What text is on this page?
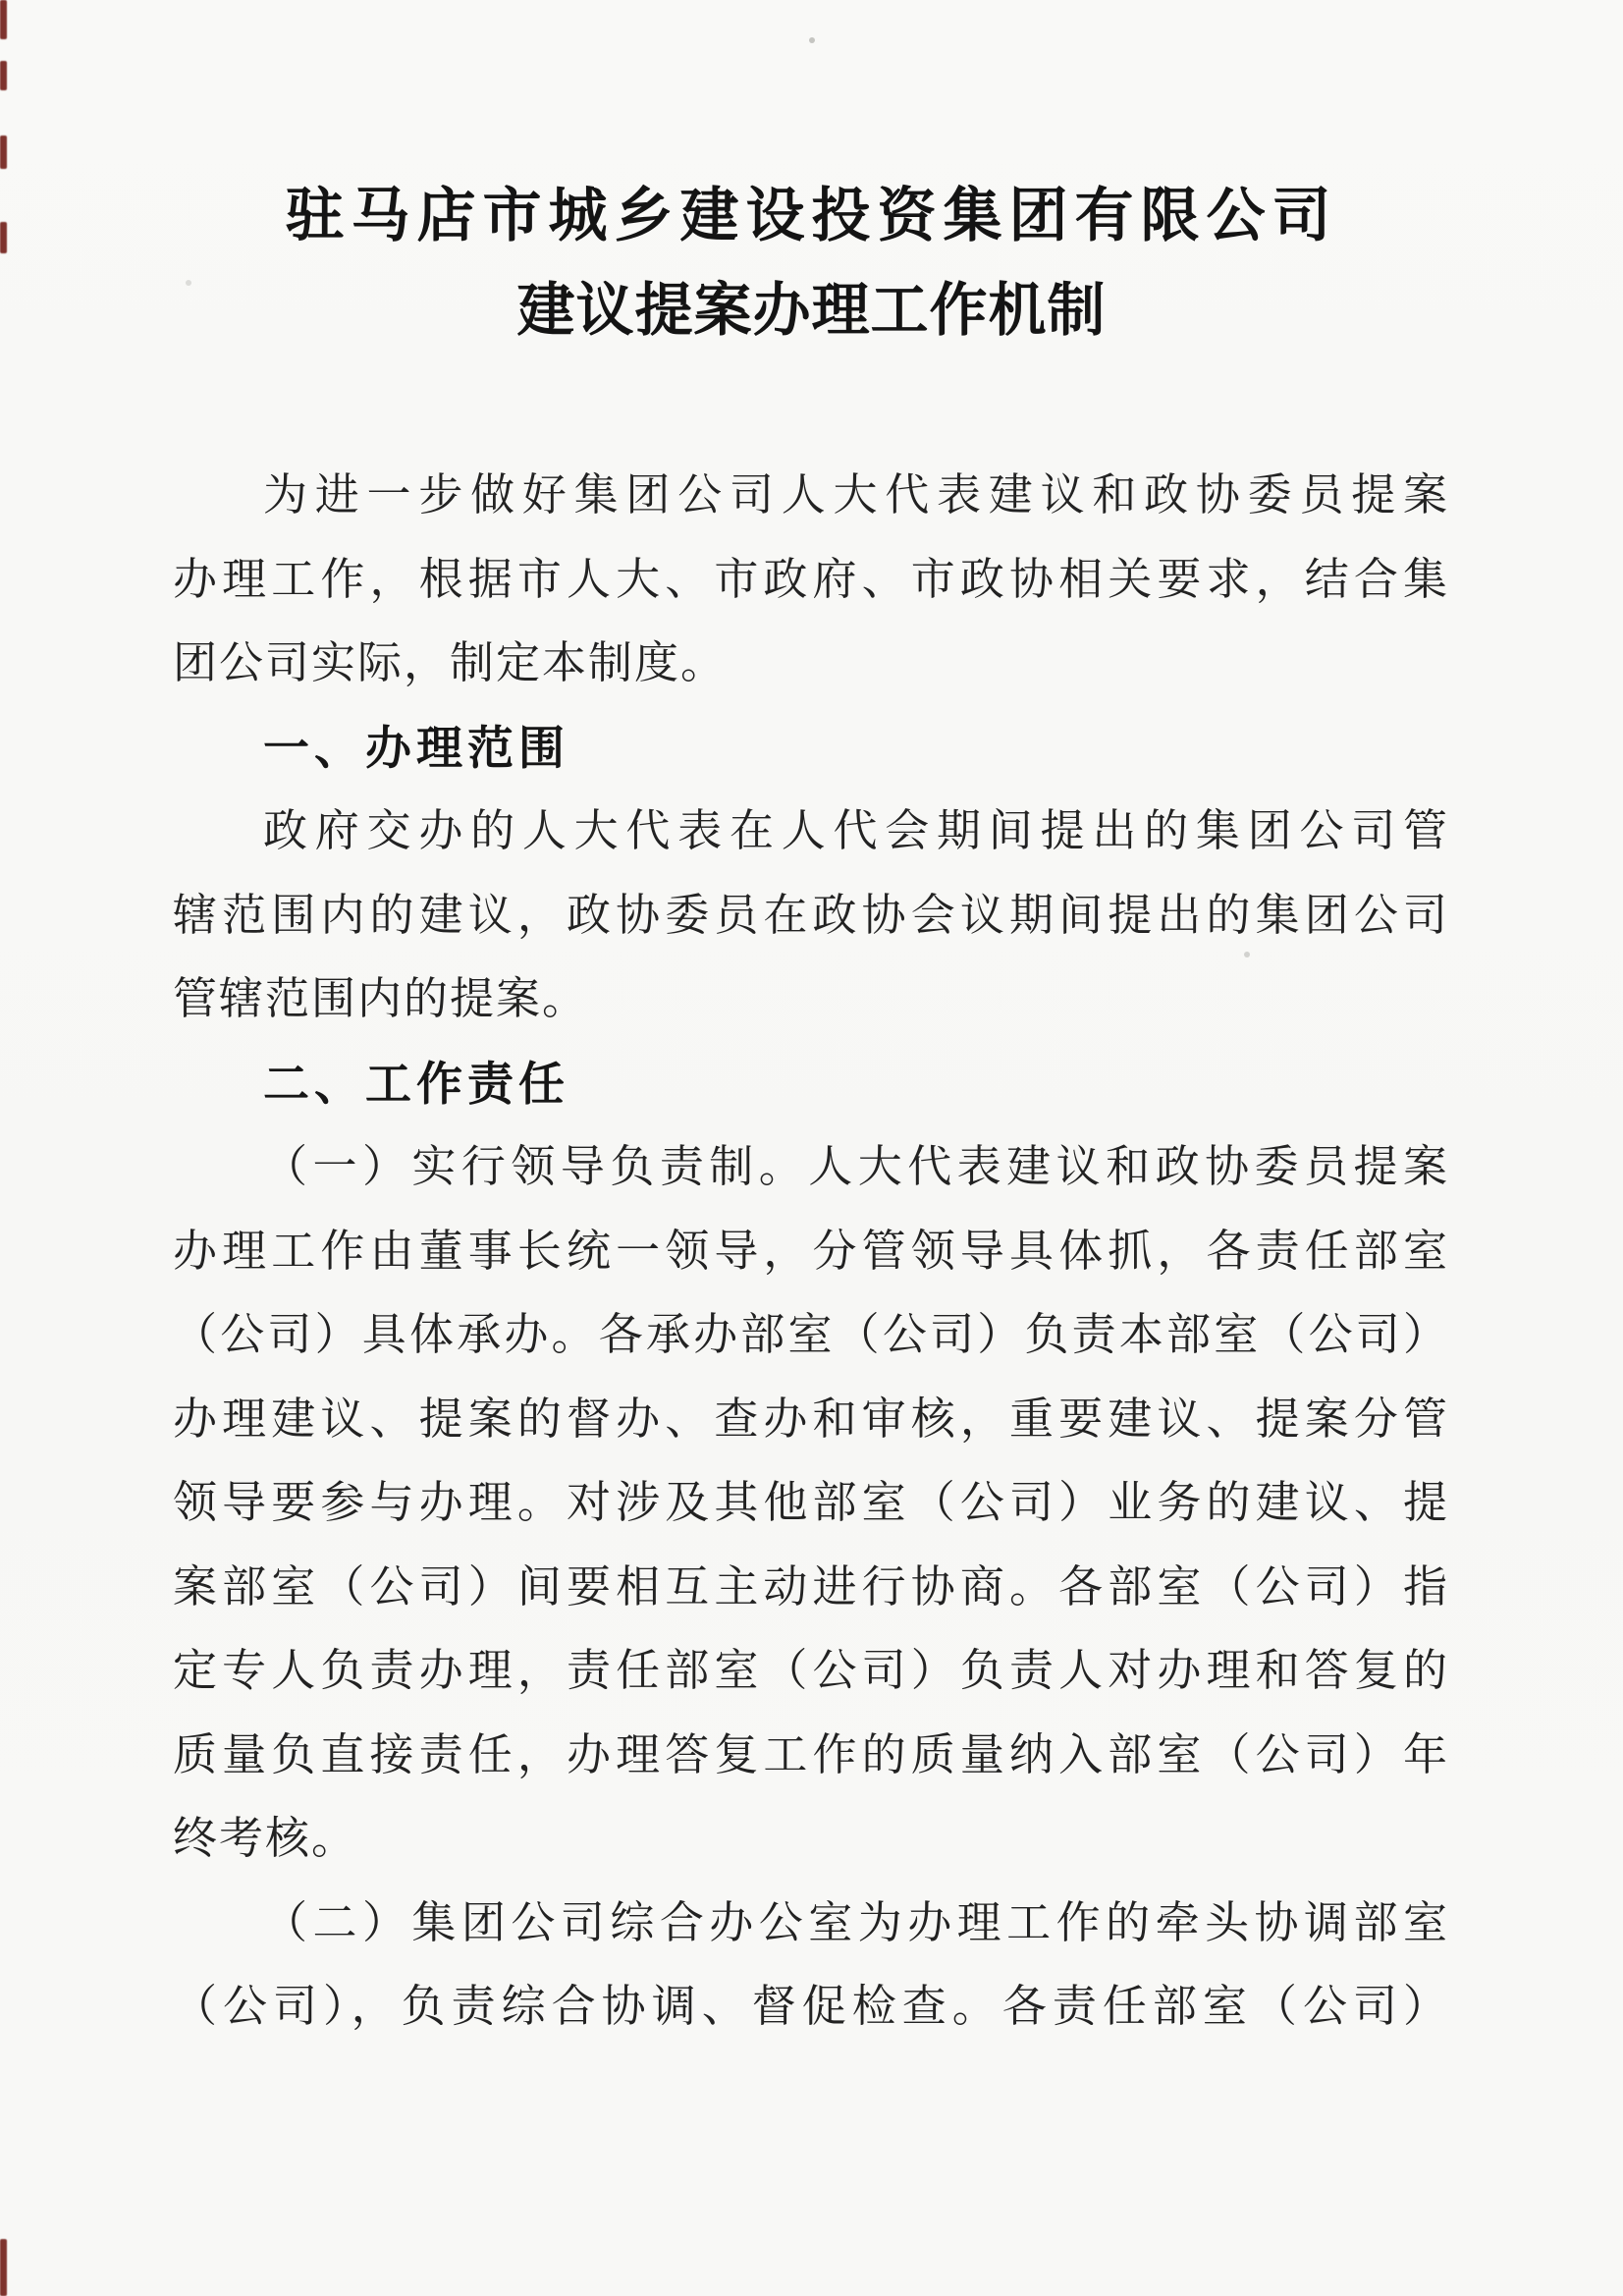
驻马店市城乡建设投资集团有限公司
建议提案办理工作机制
为进一步做好集团公司人大代表建议和政协委员提案
办理工作，根据市人大、市政府、市政协相关要求，结合集
团公司实际，制定本制度。
一、办理范围
政府交办的人大代表在人代会期间提出的集团公司管
辖范围内的建议，政协委员在政协会议期间提出的集团公司
管辖范围内的提案。
二、工作责任
（一）实行领导负责制。人大代表建议和政协委员提案
办理工作由董事长统一领导，分管领导具体抓，各责任部室
（公司）具体承办。各承办部室（公司）负责本部室（公司）
办理建议、提案的督办、查办和审核，重要建议、提案分管
领导要参与办理。对涉及其他部室（公司）业务的建议、提
案部室（公司）间要相互主动进行协商。各部室（公司）指
定专人负责办理，责任部室（公司）负责人对办理和答复的
质量负直接责任，办理答复工作的质量纳入部室（公司）年
终考核。
（二）集团公司综合办公室为办理工作的牵头协调部室
（公司），负责综合协调、督促检查。各责任部室（公司）
